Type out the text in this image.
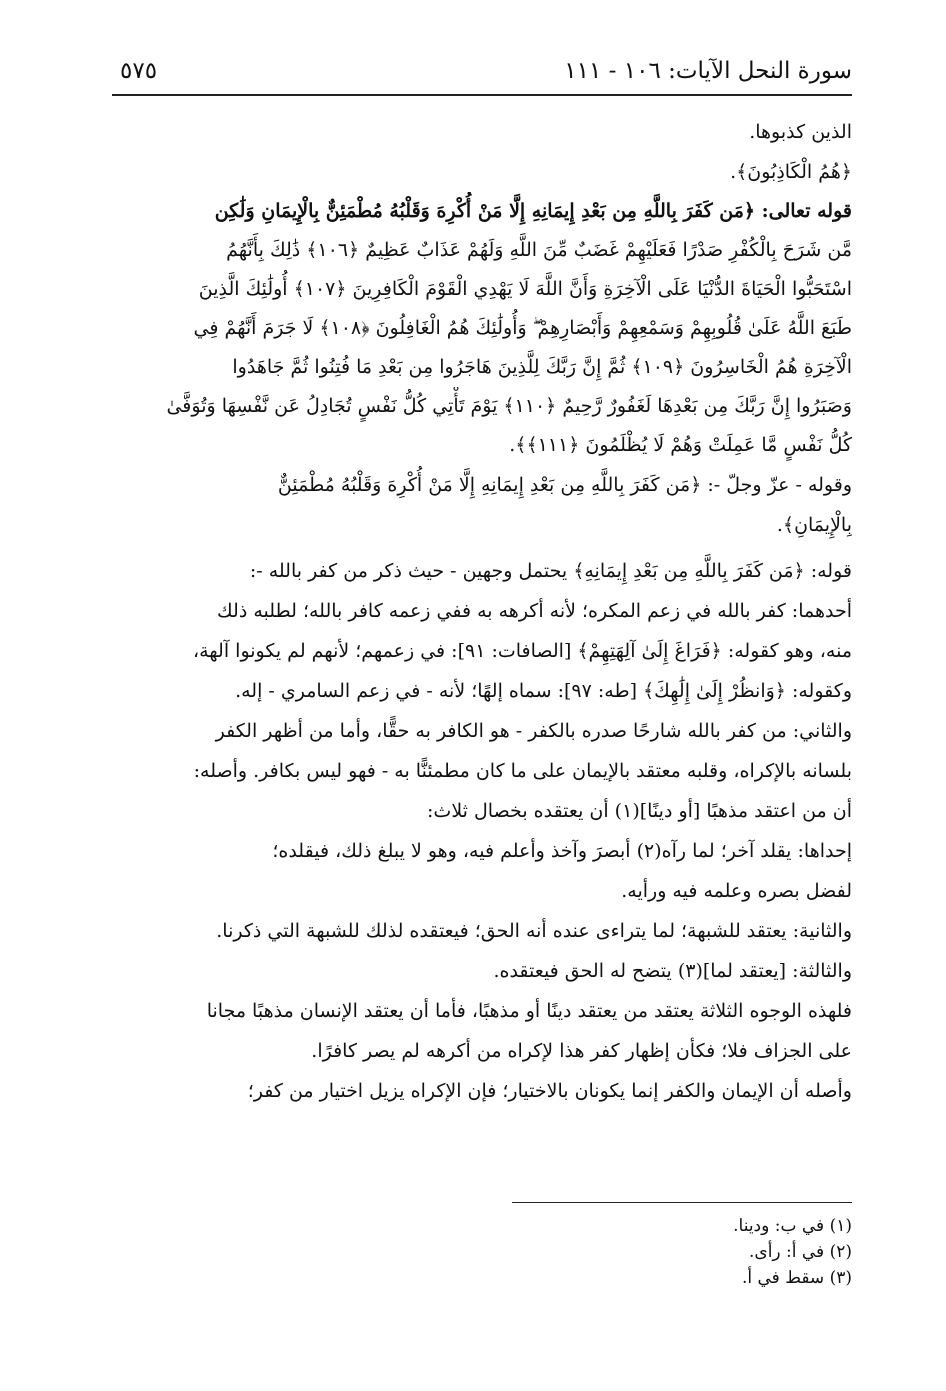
سورة النحل الآيات: ١٠٦ - ١١١
٥٧٥
الذين كذبوها.
﴿هُمُ الْكَاذِبُونَ﴾.
قوله تعالى: ﴿مَن كَفَرَ بِاللَّهِ مِن بَعْدِ إِيمَانِهِ إِلَّا مَنْ أُكْرِهَ وَقَلْبُهُ مُطْمَئِنٌّ بِالْإِيمَانِ وَلَٰكِن
مَّن شَرَحَ بِالْكُفْرِ صَدْرًا فَعَلَيْهِمْ غَضَبٌ مِّنَ اللَّهِ وَلَهُمْ عَذَابٌ عَظِيمٌ ﴿١٠٦﴾ ذَٰلِكَ بِأَنَّهُمُ
اسْتَحَبُّوا الْحَيَاةَ الدُّنْيَا عَلَى الْآخِرَةِ وَأَنَّ اللَّهَ لَا يَهْدِي الْقَوْمَ الْكَافِرِينَ ﴿١٠٧﴾ أُولَٰئِكَ الَّذِينَ
طَبَعَ اللَّهُ عَلَىٰ قُلُوبِهِمْ وَسَمْعِهِمْ وَأَبْصَارِهِمْ ۖ وَأُولَٰئِكَ هُمُ الْغَافِلُونَ ﴿١٠٨﴾ لَا جَرَمَ أَنَّهُمْ فِي
الْآخِرَةِ هُمُ الْخَاسِرُونَ ﴿١٠٩﴾ ثُمَّ إِنَّ رَبَّكَ لِلَّذِينَ هَاجَرُوا مِن بَعْدِ مَا فُتِنُوا ثُمَّ جَاهَدُوا
وَصَبَرُوا إِنَّ رَبَّكَ مِن بَعْدِهَا لَغَفُورٌ رَّحِيمٌ ﴿١١٠﴾ يَوْمَ تَأْتِي كُلُّ نَفْسٍ تُجَادِلُ عَن نَّفْسِهَا وَتُوَفَّىٰ
كُلُّ نَفْسٍ مَّا عَمِلَتْ وَهُمْ لَا يُظْلَمُونَ ﴿١١١﴾﴾.
وقوله - عزّ وجلّ -: ﴿مَن كَفَرَ بِاللَّهِ مِن بَعْدِ إِيمَانِهِ إِلَّا مَنْ أُكْرِهَ وَقَلْبُهُ مُطْمَئِنٌّ
بِالْإِيمَانِ﴾.
قوله: ﴿مَن كَفَرَ بِاللَّهِ مِن بَعْدِ إِيمَانِهِ﴾ يحتمل وجهين - حيث ذكر من كفر بالله -:
أحدهما: كفر بالله في زعم المكره؛ لأنه أكرهه به ففي زعمه كافر بالله؛ لطلبه ذلك
منه، وهو كقوله: ﴿فَرَاغَ إِلَىٰ آلِهَتِهِمْ﴾ [الصافات: ٩١]: في زعمهم؛ لأنهم لم يكونوا آلهة،
وكقوله: ﴿وَانظُرْ إِلَىٰ إِلَٰهِكَ﴾ [طه: ٩٧]: سماه إلهًا؛ لأنه - في زعم السامري - إله.
والثاني: من كفر بالله شارحًا صدره بالكفر - هو الكافر به حقًّا، وأما من أظهر الكفر
بلسانه بالإكراه، وقلبه معتقد بالإيمان على ما كان مطمئنًّا به - فهو ليس بكافر. وأصله:
أن من اعتقد مذهبًا [أو دينًا](١) أن يعتقده بخصال ثلاث:
إحداها: يقلد آخر؛ لما رآه(٢) أبصرَ وآخذ وأعلم فيه، وهو لا يبلغ ذلك، فيقلده؛
لفضل بصره وعلمه فيه ورأيه.
والثانية: يعتقد للشبهة؛ لما يتراءى عنده أنه الحق؛ فيعتقده لذلك للشبهة التي ذكرنا.
والثالثة: [يعتقد لما](٣) يتضح له الحق فيعتقده.
فلهذه الوجوه الثلاثة يعتقد من يعتقد دينًا أو مذهبًا، فأما أن يعتقد الإنسان مذهبًا مجانا
على الجزاف فلا؛ فكأن إظهار كفر هذا لإكراه من أكرهه لم يصر كافرًا.
وأصله أن الإيمان والكفر إنما يكونان بالاختيار؛ فإن الإكراه يزيل اختيار من كفر؛
(١) في ب: ودينا.
(٢) في أ: رأى.
(٣) سقط في أ.
